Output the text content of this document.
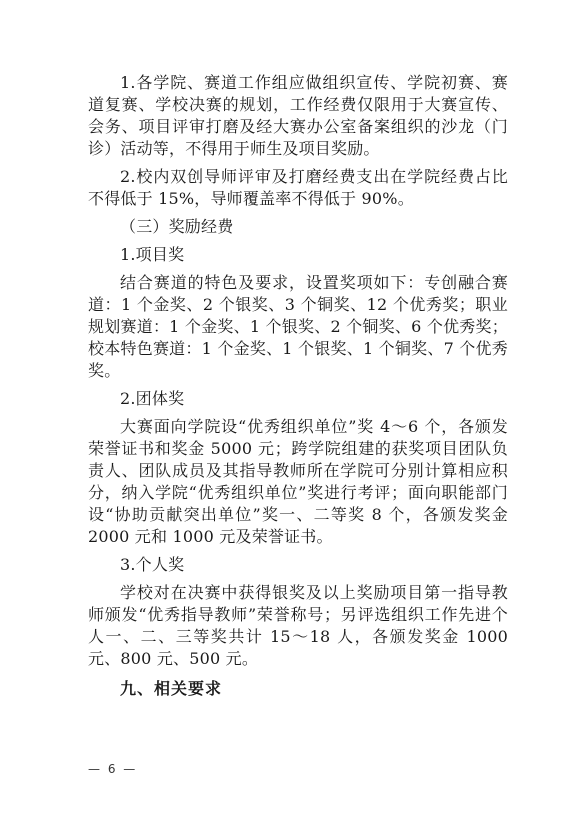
1.各学院、赛道工作组应做组织宣传、学院初赛、赛道复赛、学校决赛的规划，工作经费仅限用于大赛宣传、会务、项目评审打磨及经大赛办公室备案组织的沙龙（门诊）活动等，不得用于师生及项目奖励。

2.校内双创导师评审及打磨经费支出在学院经费占比不得低于 15%，导师覆盖率不得低于 90%。

（三）奖励经费

1.项目奖

结合赛道的特色及要求，设置奖项如下：专创融合赛道：1 个金奖、2 个银奖、3 个铜奖、12 个优秀奖；职业规划赛道：1 个金奖、1 个银奖、2 个铜奖、6 个优秀奖；校本特色赛道：1 个金奖、1 个银奖、1 个铜奖、7 个优秀奖。

2.团体奖

大赛面向学院设“优秀组织单位”奖 4～6 个，各颁发荣誉证书和奖金 5000 元；跨学院组建的获奖项目团队负责人、团队成员及其指导教师所在学院可分别计算相应积分，纳入学院“优秀组织单位”奖进行考评；面向职能部门设“协助贡献突出单位”奖一、二等奖 8 个，各颁发奖金 2000 元和 1000 元及荣誉证书。

3.个人奖

学校对在决赛中获得银奖及以上奖励项目第一指导教师颁发“优秀指导教师”荣誉称号；另评选组织工作先进个人一、二、三等奖共计 15～18 人，各颁发奖金 1000 元、800 元、500 元。

九、相关要求

— 6 —
